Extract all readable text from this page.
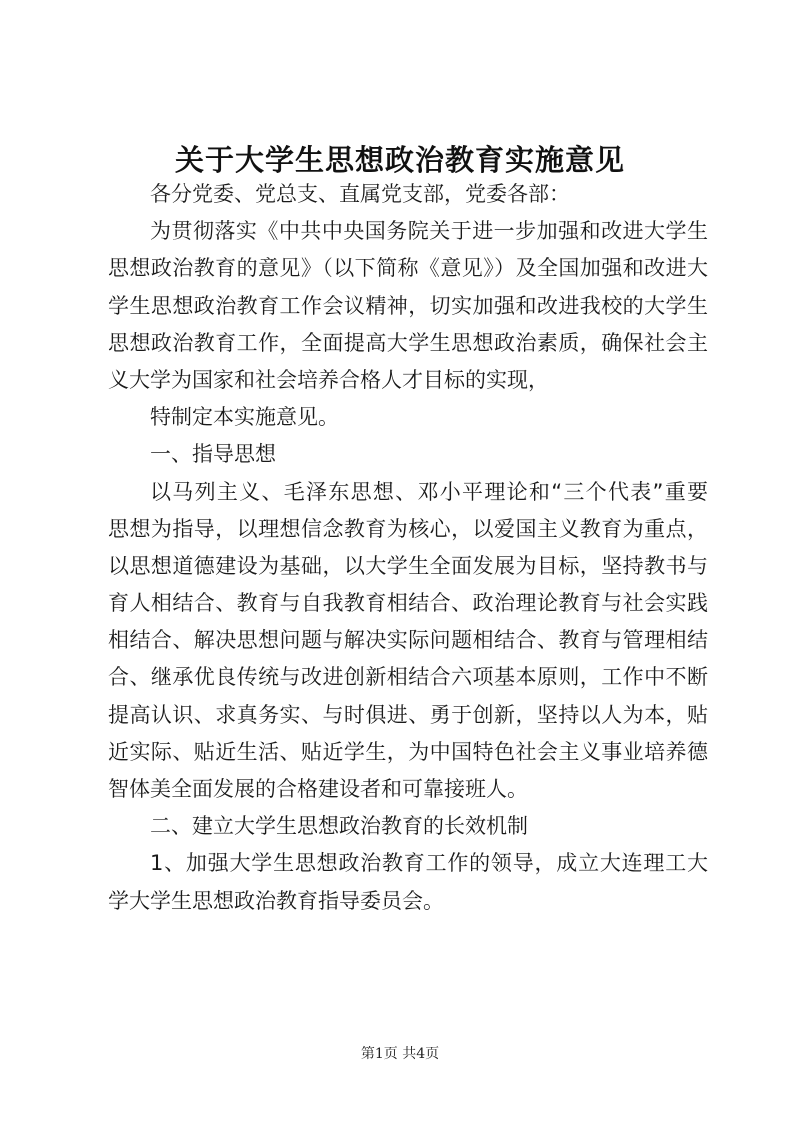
关于大学生思想政治教育实施意见
各分党委、党总支、直属党支部，党委各部：
为贯彻落实《中共中央国务院关于进一步加强和改进大学生
思想政治教育的意见》（以下简称《意见》）及全国加强和改进大
学生思想政治教育工作会议精神，切实加强和改进我校的大学生
思想政治教育工作，全面提高大学生思想政治素质，确保社会主
义大学为国家和社会培养合格人才目标的实现，
特制定本实施意见。
一、指导思想
以马列主义、毛泽东思想、邓小平理论和“三个代表”重要
思想为指导，以理想信念教育为核心，以爱国主义教育为重点，
以思想道德建设为基础，以大学生全面发展为目标，坚持教书与
育人相结合、教育与自我教育相结合、政治理论教育与社会实践
相结合、解决思想问题与解决实际问题相结合、教育与管理相结
合、继承优良传统与改进创新相结合六项基本原则，工作中不断
提高认识、求真务实、与时俱进、勇于创新，坚持以人为本，贴
近实际、贴近生活、贴近学生，为中国特色社会主义事业培养德
智体美全面发展的合格建设者和可靠接班人。
二、建立大学生思想政治教育的长效机制
1、加强大学生思想政治教育工作的领导，成立大连理工大
学大学生思想政治教育指导委员会。
第1页 共4页
